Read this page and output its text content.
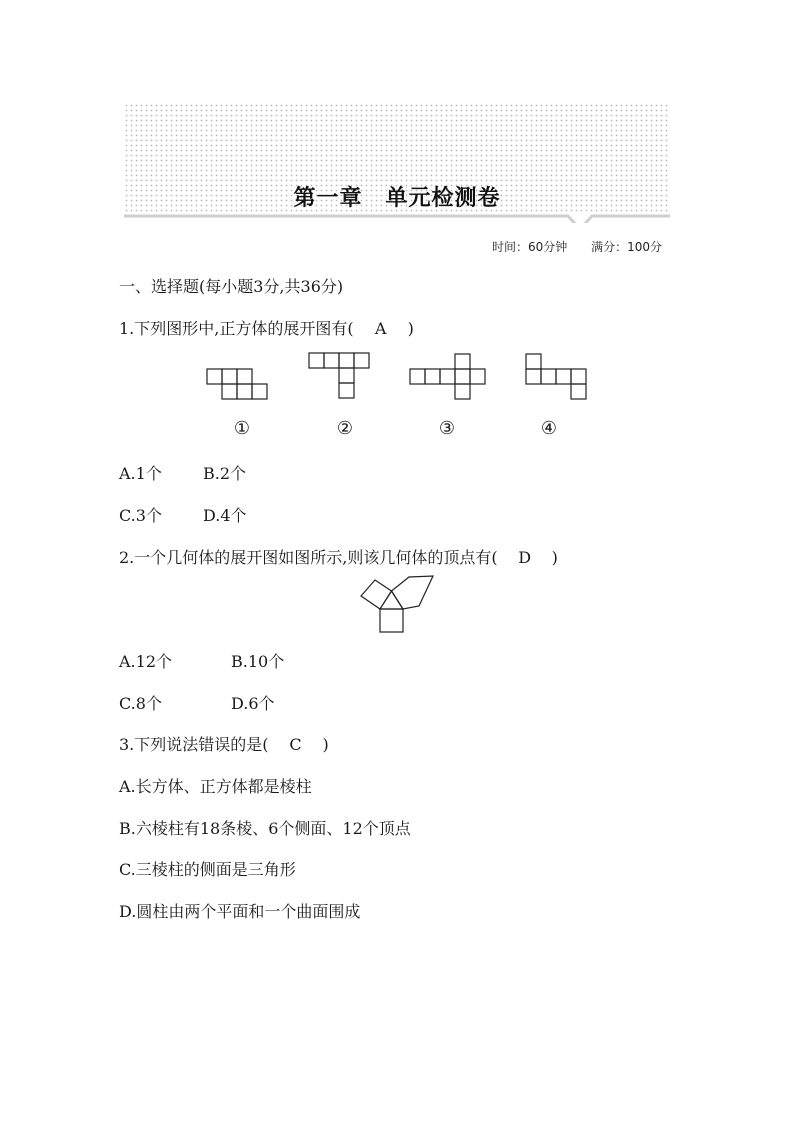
第一章　单元检测卷
时间：60分钟 满分：100分
一、选择题(每小题3分,共36分)
1.下列图形中,正方体的展开图有( A )
①	②	③	④
A.1个	B.2个
C.3个	D.4个
2.一个几何体的展开图如图所示,则该几何体的顶点有( D )
A.12个	B.10个
C.8个	D.6个
3.下列说法错误的是( C )
A.长方体、正方体都是棱柱
B.六棱柱有18条棱、6个侧面、12个顶点
C.三棱柱的侧面是三角形
D.圆柱由两个平面和一个曲面围成
